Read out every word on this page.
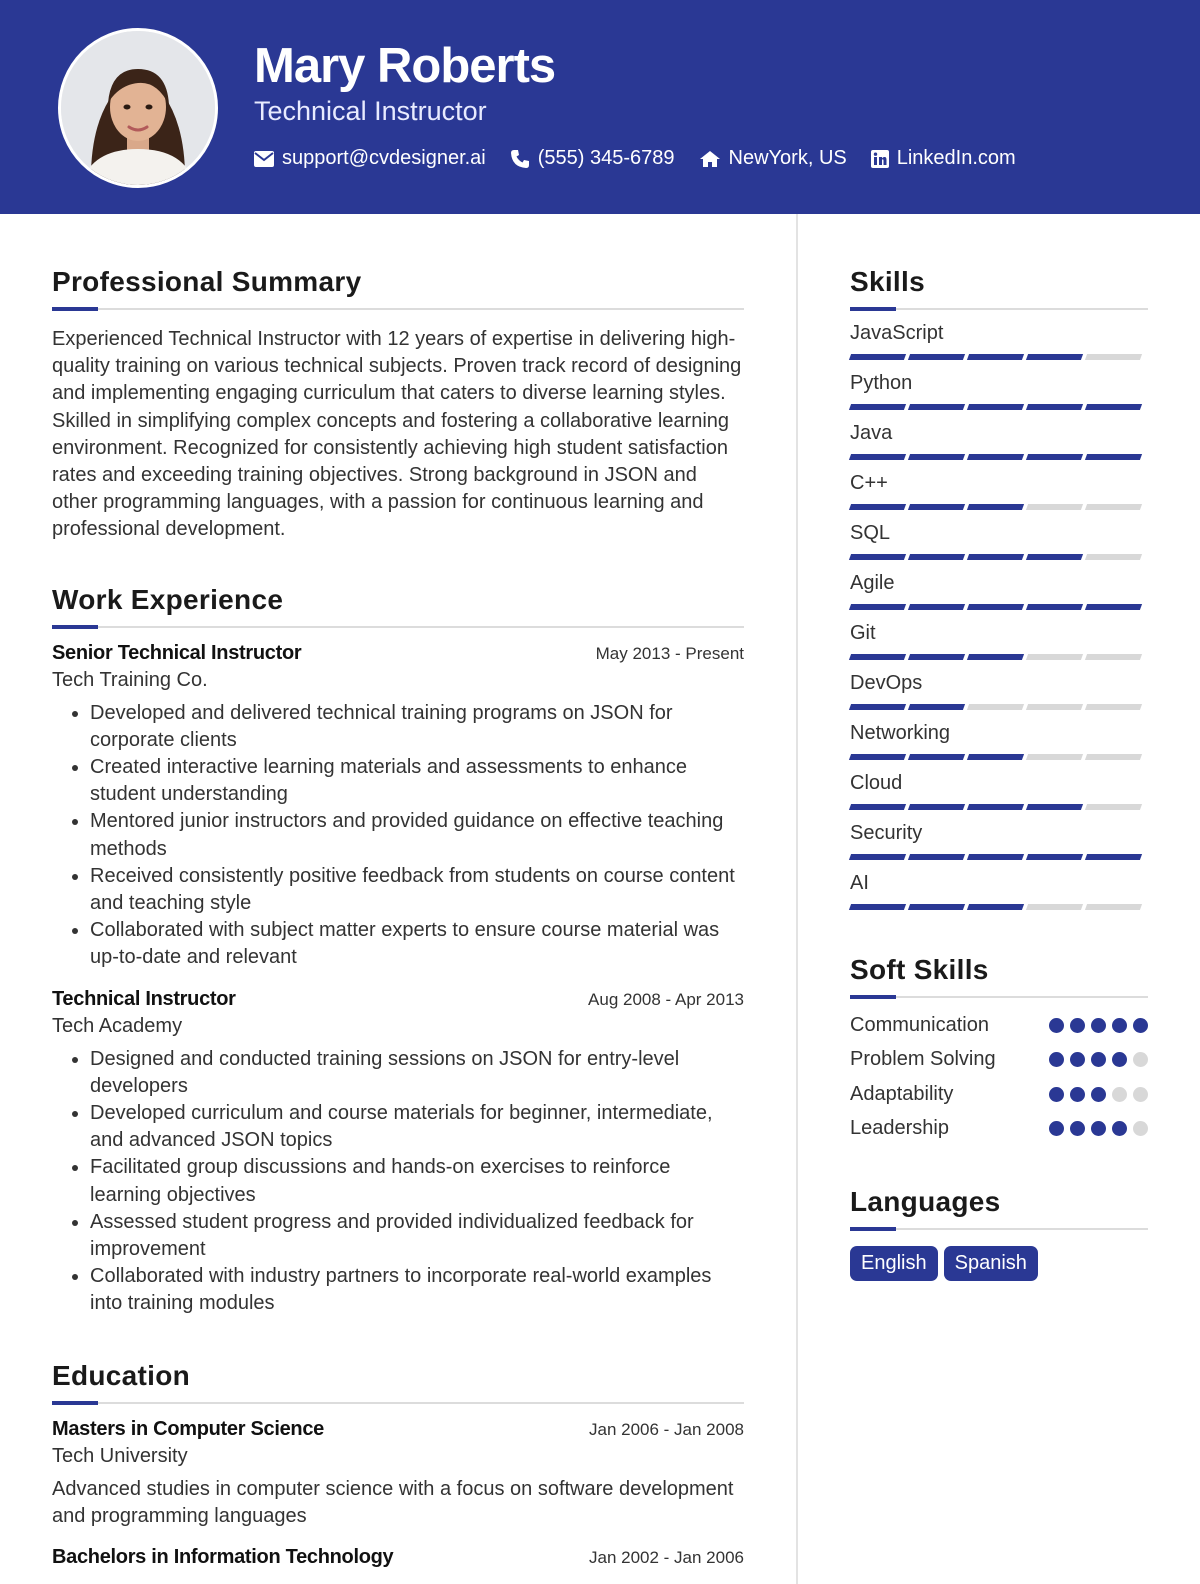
Mary Roberts
Technical Instructor
support@cvdesigner.ai	(555) 345-6789	NewYork, US	LinkedIn.com
Professional Summary

Experienced Technical Instructor with 12 years of expertise in delivering high-quality training on various technical subjects. Proven track record of designing and implementing engaging curriculum that caters to diverse learning styles. Skilled in simplifying complex concepts and fostering a collaborative learning environment. Recognized for consistently achieving high student satisfaction rates and exceeding training objectives. Strong background in JSON and other programming languages, with a passion for continuous learning and professional development.

Work Experience
Senior Technical Instructor	May 2013 - Present
Tech Training Co.
• Developed and delivered technical training programs on JSON for corporate clients
• Created interactive learning materials and assessments to enhance student understanding
• Mentored junior instructors and provided guidance on effective teaching methods
• Received consistently positive feedback from students on course content and teaching style
• Collaborated with subject matter experts to ensure course material was up-to-date and relevant
Technical Instructor	Aug 2008 - Apr 2013
Tech Academy
• Designed and conducted training sessions on JSON for entry-level developers
• Developed curriculum and course materials for beginner, intermediate, and advanced JSON topics
• Facilitated group discussions and hands-on exercises to reinforce learning objectives
• Assessed student progress and provided individualized feedback for improvement
• Collaborated with industry partners to incorporate real-world examples into training modules
Education
Masters in Computer Science	Jan 2006 - Jan 2008
Tech University

Advanced studies in computer science with a focus on software development and programming languages

Bachelors in Information Technology	Jan 2002 - Jan 2006
Skills
JavaScript
Python
Java
C++
SQL
Agile
Git
DevOps
Networking
Cloud
Security
AI
Soft Skills
Communication
Problem Solving
Adaptability
Leadership
Languages
English	Spanish
